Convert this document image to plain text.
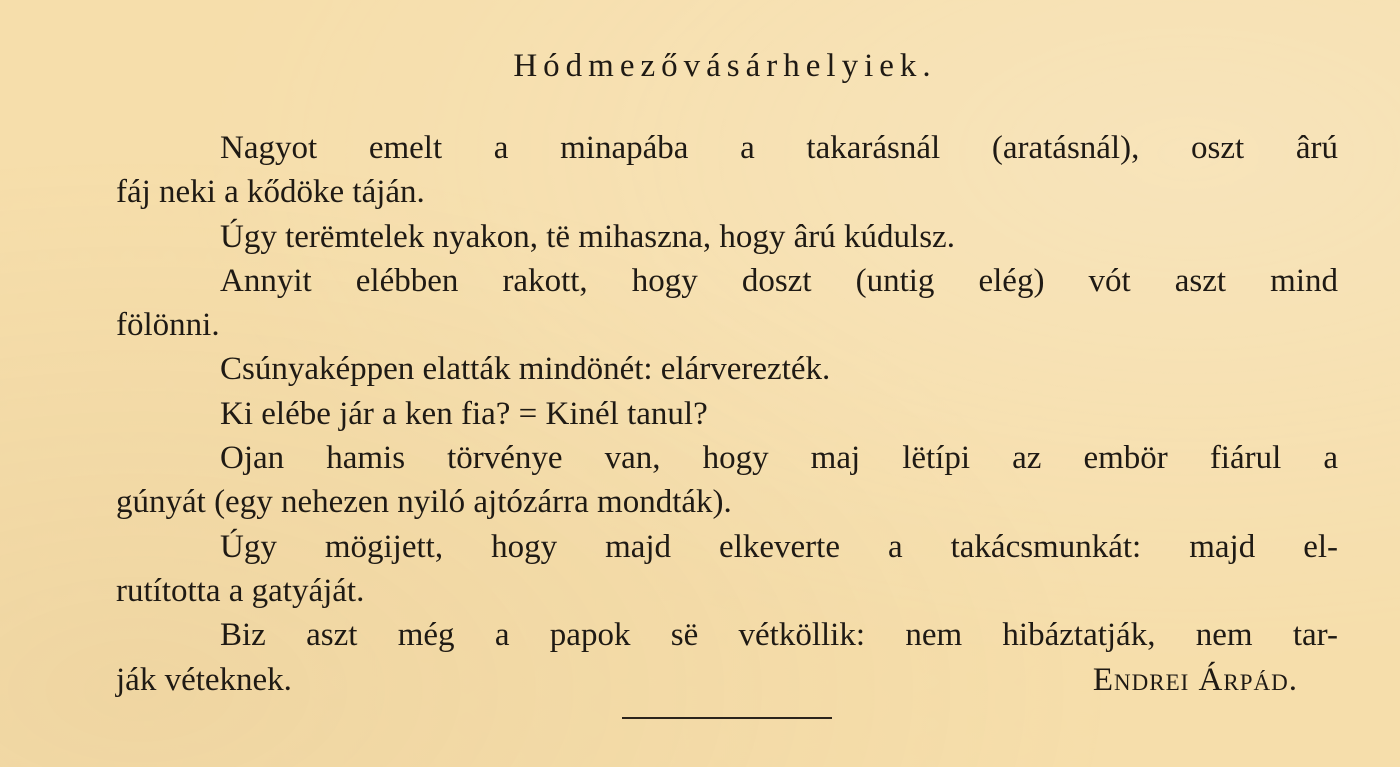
Hódmezővásárhelyiek.
Nagyot emelt a minapába a takarásnál (aratásnál), oszt ârú
fáj neki a kődöke táján.
Úgy terëmtelek nyakon, të mihaszna, hogy ârú kúdulsz.
Annyit elébben rakott, hogy doszt (untig elég) vót aszt mind
fölönni.
Csúnyaképpen elatták mindönét: elárverezték.
Ki elébe jár a ken fia? = Kinél tanul?
Ojan hamis törvénye van, hogy maj lëtípi az embör fiárul a
gúnyát (egy nehezen nyiló ajtózárra mondták).
Úgy mögijett, hogy majd elkeverte a takácsmunkát: majd el-
rutította a gatyáját.
Biz aszt még a papok së vétköllik: nem hibáztatják, nem tar-
ják véteknek.	Endrei Árpád.
